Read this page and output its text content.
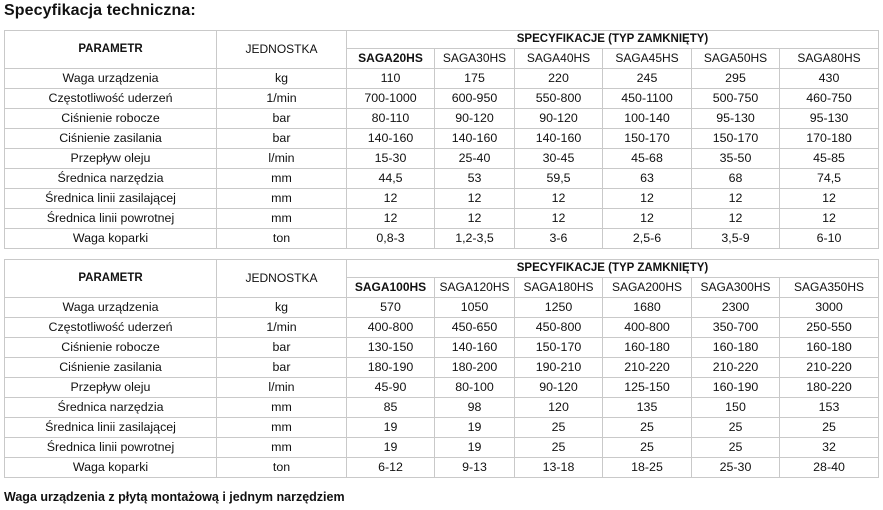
Specyfikacja techniczna:
PARAMETR	JEDNOSTKA	SPECYFIKACJE (TYP ZAMKNIĘTY)					
		SAGA20HS	SAGA30HS	SAGA40HS	SAGA45HS	SAGA50HS	SAGA80HS
Waga urządzenia	kg	110	175	220	245	295	430
Częstotliwość uderzeń	1/min	700-1000	600-950	550-800	450-1100	500-750	460-750
Ciśnienie robocze	bar	80-110	90-120	90-120	100-140	95-130	95-130
Ciśnienie zasilania	bar	140-160	140-160	140-160	150-170	150-170	170-180
Przepływ oleju	l/min	15-30	25-40	30-45	45-68	35-50	45-85
Średnica narzędzia	mm	44,5	53	59,5	63	68	74,5
Średnica linii zasilającej	mm	12	12	12	12	12	12
Średnica linii powrotnej	mm	12	12	12	12	12	12
Waga koparki	ton	0,8-3	1,2-3,5	3-6	2,5-6	3,5-9	6-10
PARAMETR	JEDNOSTKA	SPECYFIKACJE (TYP ZAMKNIĘTY)					
		SAGA100HS	SAGA120HS	SAGA180HS	SAGA200HS	SAGA300HS	SAGA350HS
Waga urządzenia	kg	570	1050	1250	1680	2300	3000
Częstotliwość uderzeń	1/min	400-800	450-650	450-800	400-800	350-700	250-550
Ciśnienie robocze	bar	130-150	140-160	150-170	160-180	160-180	160-180
Ciśnienie zasilania	bar	180-190	180-200	190-210	210-220	210-220	210-220
Przepływ oleju	l/min	45-90	80-100	90-120	125-150	160-190	180-220
Średnica narzędzia	mm	85	98	120	135	150	153
Średnica linii zasilającej	mm	19	19	25	25	25	25
Średnica linii powrotnej	mm	19	19	25	25	25	32
Waga koparki	ton	6-12	9-13	13-18	18-25	25-30	28-40
Waga urządzenia z płytą montażową i jednym narzędziem
